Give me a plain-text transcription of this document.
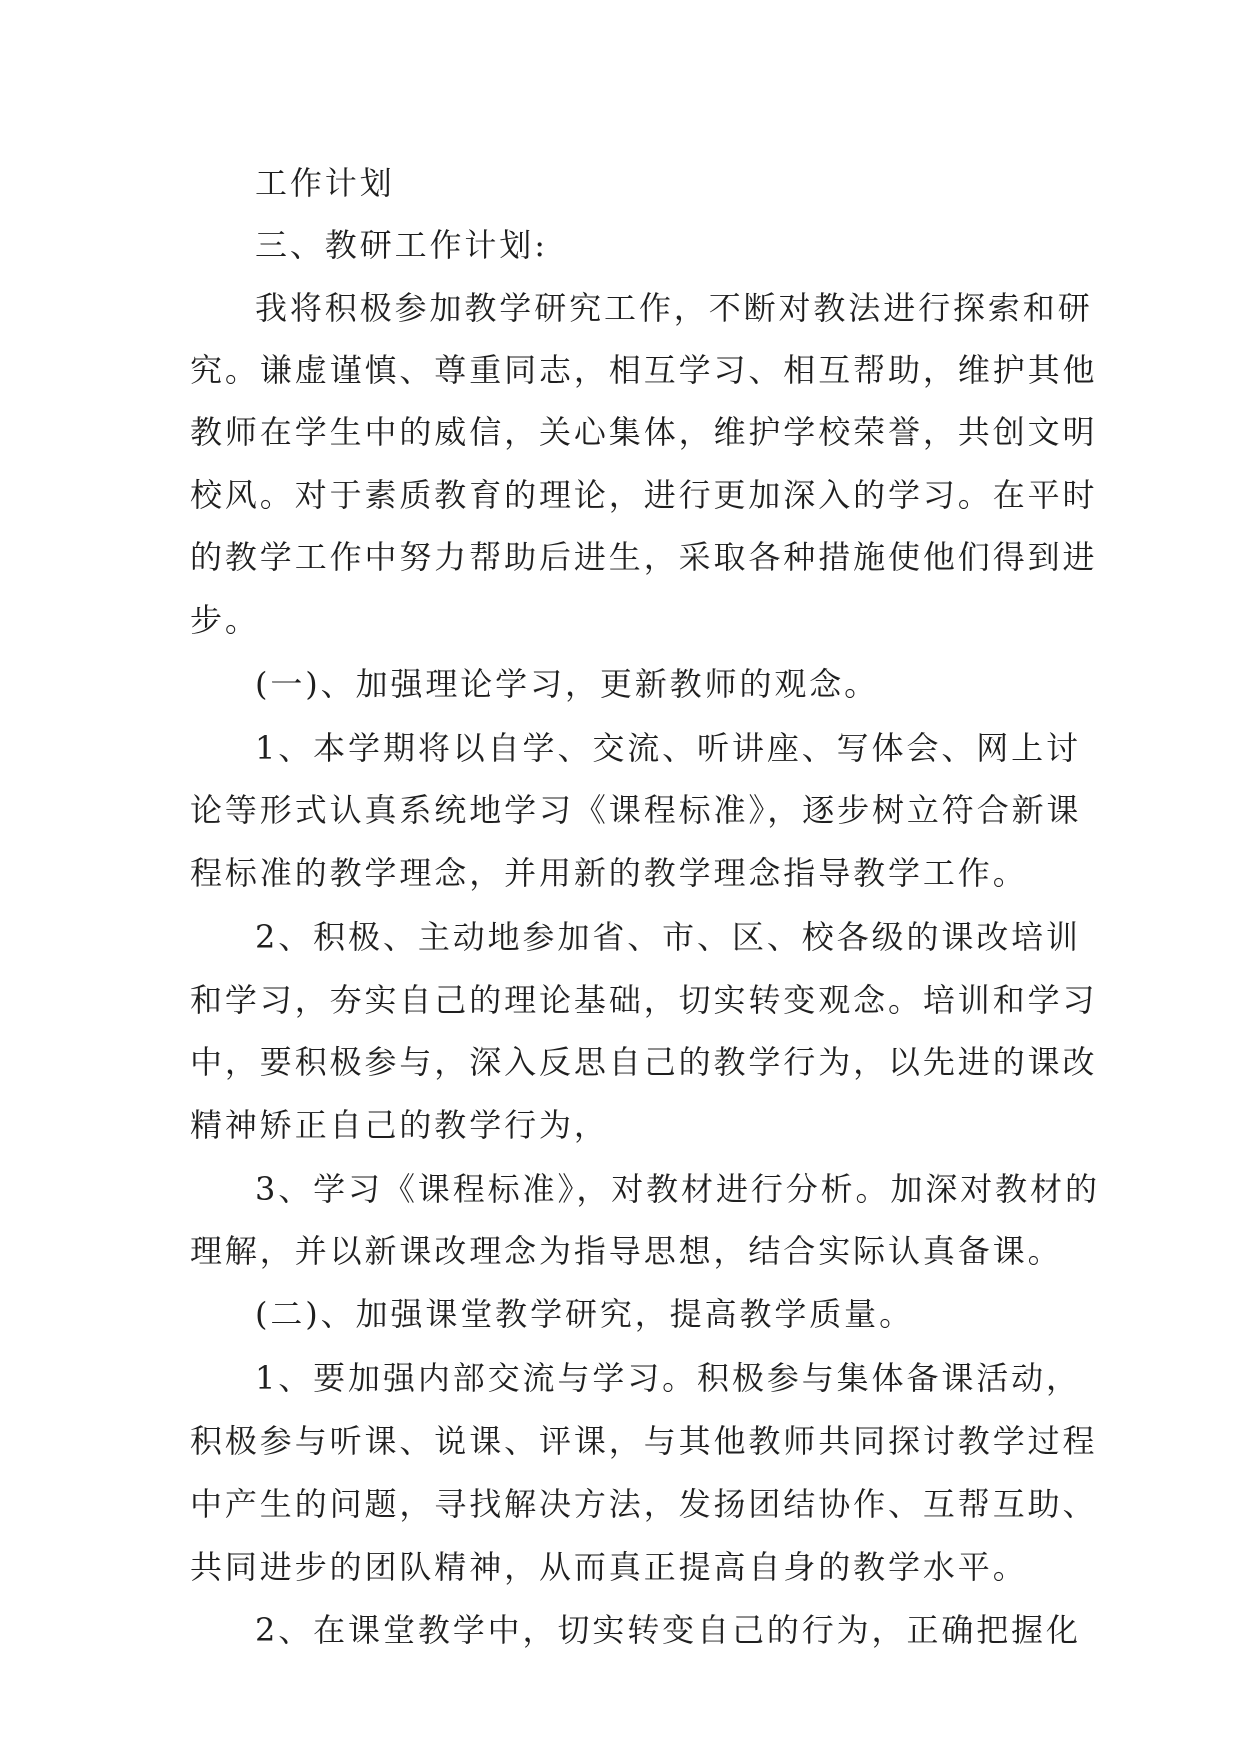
工作计划
三、教研工作计划:
我将积极参加教学研究工作，不断对教法进行探索和研
究。谦虚谨慎、尊重同志，相互学习、相互帮助，维护其他
教师在学生中的威信，关心集体，维护学校荣誉，共创文明
校风。对于素质教育的理论，进行更加深入的学习。在平时
的教学工作中努力帮助后进生，采取各种措施使他们得到进
步。
(一)、加强理论学习，更新教师的观念。
1、本学期将以自学、交流、听讲座、写体会、网上讨
论等形式认真系统地学习《课程标准》，逐步树立符合新课
程标准的教学理念，并用新的教学理念指导教学工作。
2、积极、主动地参加省、市、区、校各级的课改培训
和学习，夯实自己的理论基础，切实转变观念。培训和学习
中，要积极参与，深入反思自己的教学行为，以先进的课改
精神矫正自己的教学行为，
3、学习《课程标准》，对教材进行分析。加深对教材的
理解，并以新课改理念为指导思想，结合实际认真备课。
(二)、加强课堂教学研究，提高教学质量。
1、要加强内部交流与学习。积极参与集体备课活动，
积极参与听课、说课、评课，与其他教师共同探讨教学过程
中产生的问题，寻找解决方法，发扬团结协作、互帮互助、
共同进步的团队精神，从而真正提高自身的教学水平。
2、在课堂教学中，切实转变自己的行为，正确把握化
